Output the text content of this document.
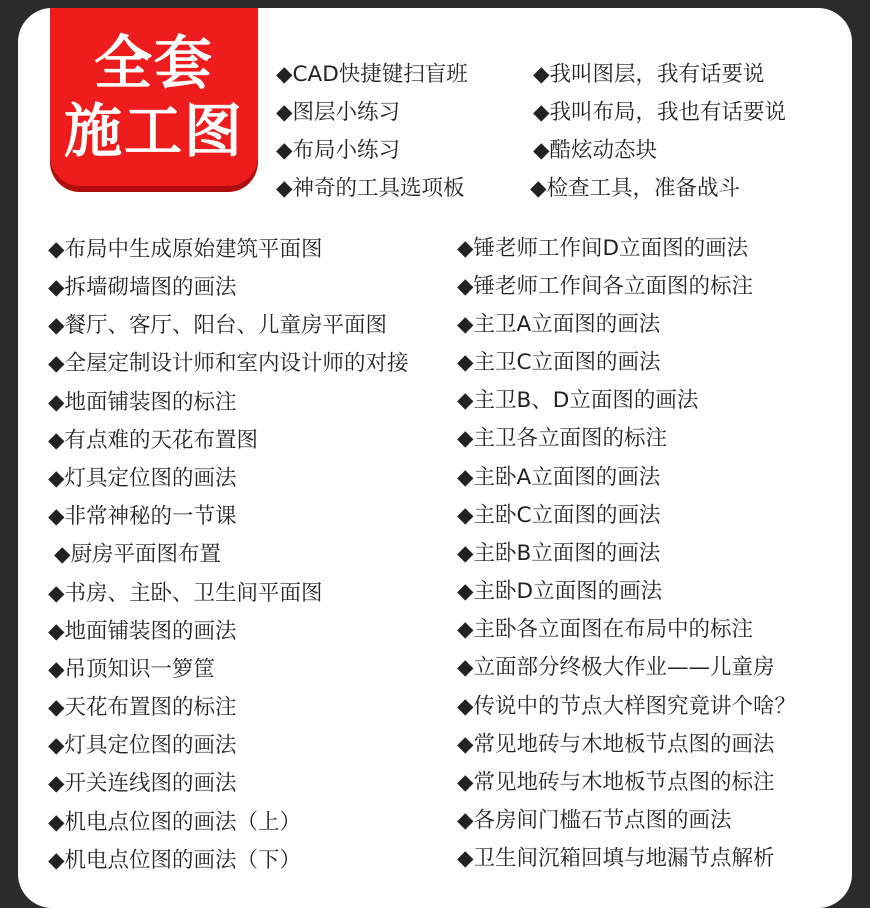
全套
施工图
◆CAD快捷键扫盲班
◆图层小练习
◆布局小练习
◆神奇的工具选项板
◆我叫图层，我有话要说
◆我叫布局，我也有话要说
◆酷炫动态块
◆检查工具，准备战斗
◆布局中生成原始建筑平面图
◆拆墙砌墙图的画法
◆餐厅、客厅、阳台、儿童房平面图
◆全屋定制设计师和室内设计师的对接
◆地面铺装图的标注
◆有点难的天花布置图
◆灯具定位图的画法
◆非常神秘的一节课
◆厨房平面图布置
◆书房、主卧、卫生间平面图
◆地面铺装图的画法
◆吊顶知识一箩筐
◆天花布置图的标注
◆灯具定位图的画法
◆开关连线图的画法
◆机电点位图的画法（上）
◆机电点位图的画法（下）
◆锤老师工作间D立面图的画法
◆锤老师工作间各立面图的标注
◆主卫A立面图的画法
◆主卫C立面图的画法
◆主卫B、D立面图的画法
◆主卫各立面图的标注
◆主卧A立面图的画法
◆主卧C立面图的画法
◆主卧B立面图的画法
◆主卧D立面图的画法
◆主卧各立面图在布局中的标注
◆立面部分终极大作业——儿童房
◆传说中的节点大样图究竟讲个啥？
◆常见地砖与木地板节点图的画法
◆常见地砖与木地板节点图的标注
◆各房间门槛石节点图的画法
◆卫生间沉箱回填与地漏节点解析
